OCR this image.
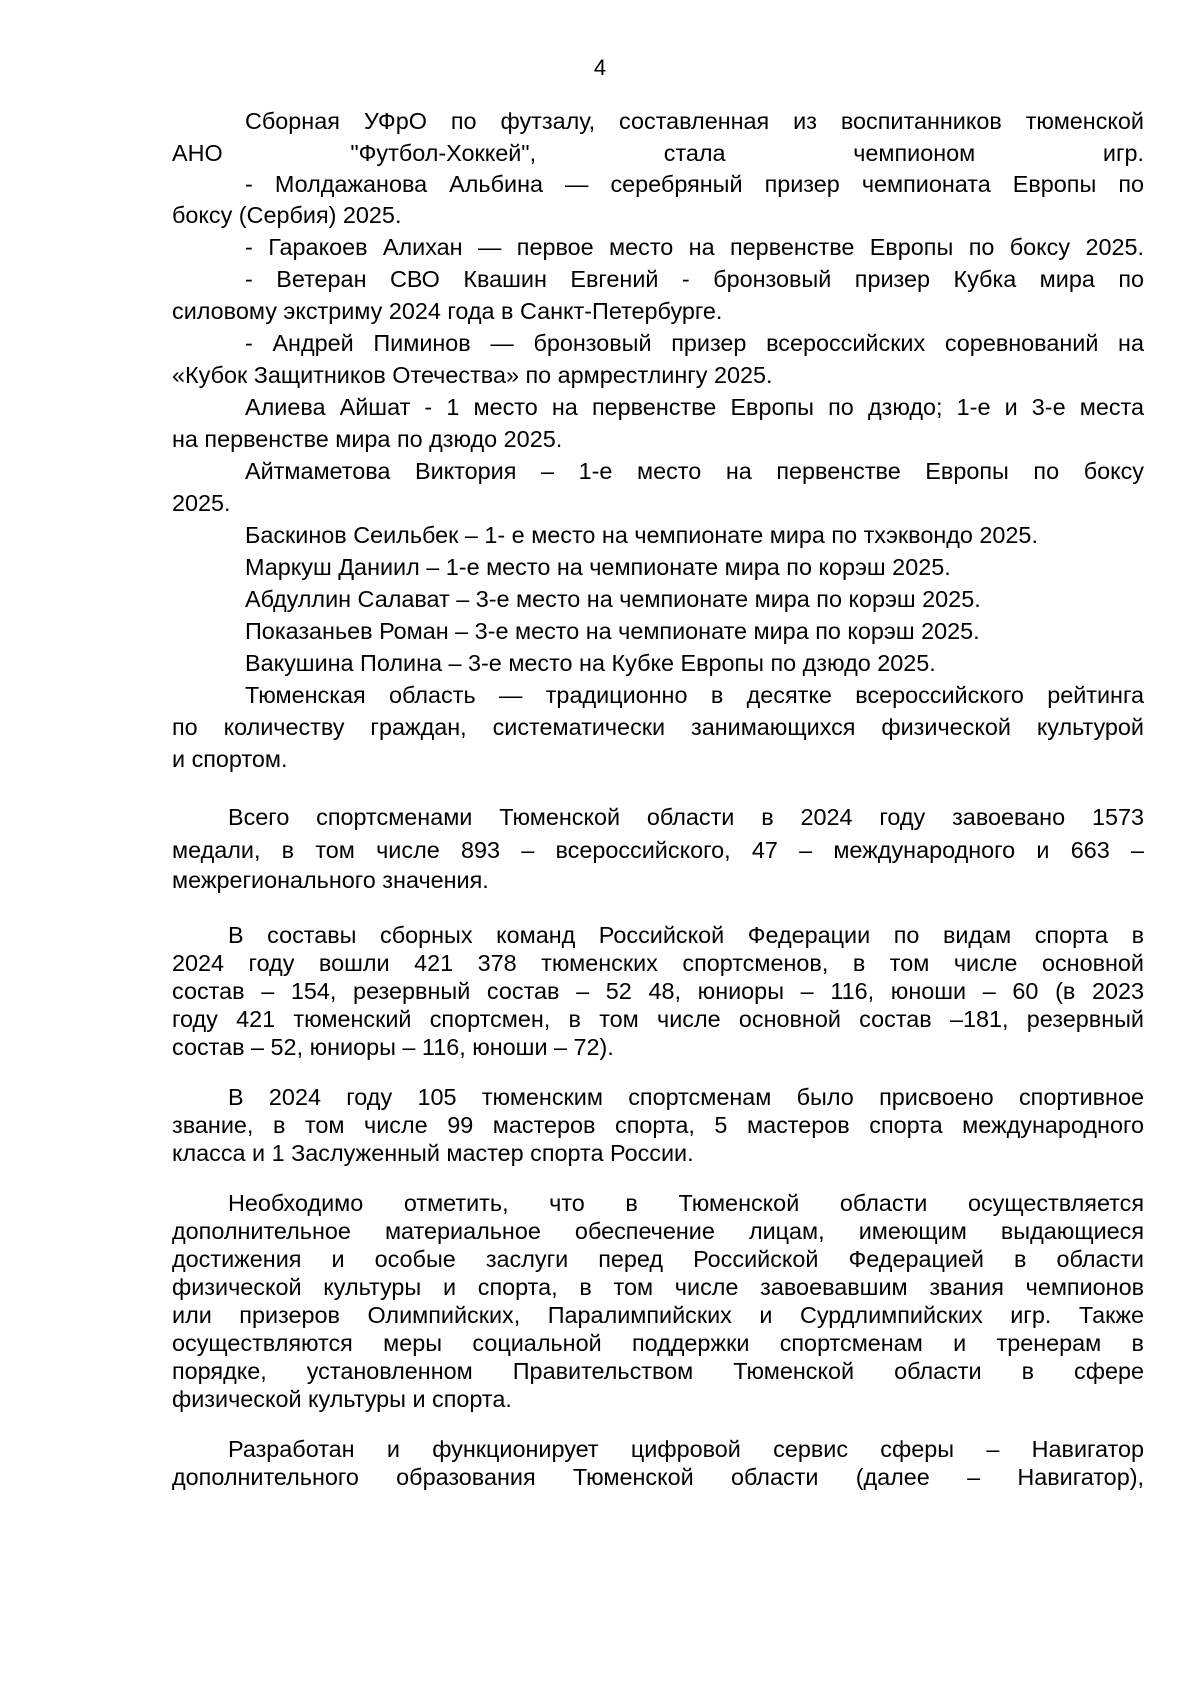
4
Сборная УФрО по футзалу, составленная из воспитанников тюменской
АНО "Футбол-Хоккей", стала чемпионом игр.
- Молдажанова Альбина — серебряный призер чемпионата Европы по
боксу (Сербия) 2025.
- Гаракоев Алихан — первое место на первенстве Европы по боксу 2025.
- Ветеран СВО Квашин Евгений - бронзовый призер Кубка мира по
силовому экстриму 2024 года в Санкт-Петербурге.
- Андрей Пиминов — бронзовый призер всероссийских соревнований на
«Кубок Защитников Отечества» по армрестлингу 2025.
Алиева Айшат - 1 место на первенстве Европы по дзюдо; 1-е и 3-е места
на первенстве мира по дзюдо 2025.
Айтмаметова Виктория – 1-е место на первенстве Европы по боксу
2025.
Баскинов Сеильбек – 1- е место на чемпионате мира по тхэквондо 2025.
Маркуш Даниил – 1-е место на чемпионате мира по корэш 2025.
Абдуллин Салават – 3-е место на чемпионате мира по корэш 2025.
Показаньев Роман – 3-е место на чемпионате мира по корэш 2025.
Вакушина Полина – 3-е место на Кубке Европы по дзюдо 2025.
Тюменская область — традиционно в десятке всероссийского рейтинга
по количеству граждан, систематически занимающихся физической культурой
и спортом.
Всего спортсменами Тюменской области в 2024 году завоевано 1573
медали, в том числе 893 – всероссийского, 47 – международного и 663 –
межрегионального значения.
В составы сборных команд Российской Федерации по видам спорта в
2024 году вошли 421 378 тюменских спортсменов, в том числе основной
состав – 154, резервный состав – 52 48, юниоры – 116, юноши – 60 (в 2023
году 421 тюменский спортсмен, в том числе основной состав –181, резервный
состав – 52, юниоры – 116, юноши – 72).
В 2024 году 105 тюменским спортсменам было присвоено спортивное
звание, в том числе 99 мастеров спорта, 5 мастеров спорта международного
класса и 1 Заслуженный мастер спорта России.
Необходимо отметить, что в Тюменской области осуществляется
дополнительное материальное обеспечение лицам, имеющим выдающиеся
достижения и особые заслуги перед Российской Федерацией в области
физической культуры и спорта, в том числе завоевавшим звания чемпионов
или призеров Олимпийских, Паралимпийских и Сурдлимпийских игр. Также
осуществляются меры социальной поддержки спортсменам и тренерам в
порядке, установленном Правительством Тюменской области в сфере
физической культуры и спорта.
Разработан и функционирует цифровой сервис сферы – Навигатор
дополнительного образования Тюменской области (далее – Навигатор),
